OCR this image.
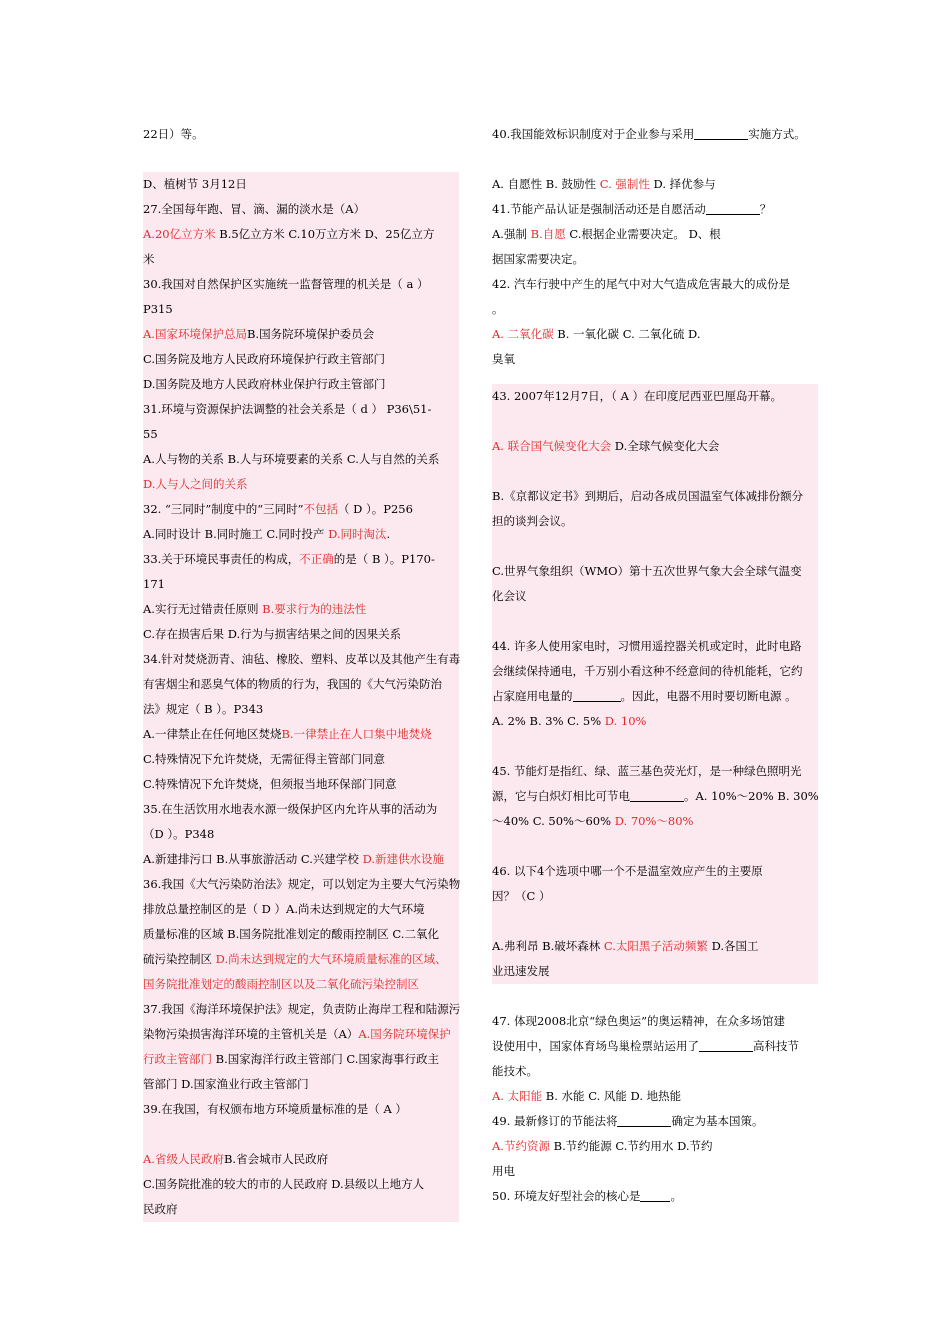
22日）等。
D、植树节 3月12日
27.全国每年跑、冒、滴、漏的淡水是（A）
A.20亿立方米 B.5亿立方米 C.10万立方米 D、25亿立方
米
30.我国对自然保护区实施统一监督管理的机关是（ a ）
P315
A.国家环境保护总局B.国务院环境保护委员会
C.国务院及地方人民政府环境保护行政主管部门
D.国务院及地方人民政府林业保护行政主管部门
31.环境与资源保护法调整的社会关系是（ d ） P36\51-
55
A.人与物的关系 B.人与环境要素的关系 C.人与自然的关系
D.人与人之间的关系
32. “三同时”制度中的“三同时”不包括（ D ）。P256
A.同时设计 B.同时施工 C.同时投产 D.同时淘汰.
33.关于环境民事责任的构成，不正确的是（ B ）。P170-
171
A.实行无过错责任原则 B.要求行为的违法性
C.存在损害后果 D.行为与损害结果之间的因果关系
34.针对焚烧沥青、油毡、橡胶、塑料、皮革以及其他产生有毒
有害烟尘和恶臭气体的物质的行为，我国的《大气污染防治
法》规定（ B ）。P343
A.一律禁止在任何地区焚烧B.一律禁止在人口集中地焚烧
C.特殊情况下允许焚烧，无需征得主管部门同意
C.特殊情况下允许焚烧，但须报当地环保部门同意
35.在生活饮用水地表水源一级保护区内允许从事的活动为
（D ）。P348
A.新建排污口 B.从事旅游活动 C.兴建学校 D.新建供水设施
36.我国《大气污染防治法》规定，可以划定为主要大气污染物
排放总量控制区的是（ D ）A.尚未达到规定的大气环境
质量标准的区域 B.国务院批准划定的酸雨控制区 C.二氧化
硫污染控制区 D.尚未达到规定的大气环境质量标准的区域、
国务院批准划定的酸雨控制区以及二氧化硫污染控制区
37.我国《海洋环境保护法》规定，负责防止海岸工程和陆源污
染物污染损害海洋环境的主管机关是（A）A.国务院环境保护
行政主管部门 B.国家海洋行政主管部门 C.国家海事行政主
管部门 D.国家渔业行政主管部门
39.在我国，有权颁布地方环境质量标准的是（ A ）
A.省级人民政府B.省会城市人民政府
C.国务院批准的较大的市的人民政府 D.县级以上地方人
民政府
40.我国能效标识制度对于企业参与采用	实施方式。
A. 自愿性 B. 鼓励性 C. 强制性 D. 择优参与
41.节能产品认证是强制活动还是自愿活动	？
A.强制 B.自愿 C.根据企业需要决定。 D、根
据国家需要决定。
42. 汽车行驶中产生的尾气中对大气造成危害最大的成份是
。
A. 二氧化碳 B. 一氧化碳 C. 二氧化硫 D.
臭氧
43. 2007年12月7日，（ A ）在印度尼西亚巴厘岛开幕。
A. 联合国气候变化大会 D.全球气候变化大会
B.《京都议定书》到期后，启动各成员国温室气体减排份额分
担的谈判会议。
C.世界气象组织（WMO）第十五次世界气象大会全球气温变
化会议
44. 许多人使用家电时，习惯用遥控器关机或定时，此时电路
会继续保持通电，千万别小看这种不经意间的待机能耗，它约
占家庭用电量的	。因此，电器不用时要切断电源 。
A. 2% B. 3% C. 5% D. 10%
45. 节能灯是指红、绿、蓝三基色荧光灯，是一种绿色照明光
源，它与白炽灯相比可节电	。A. 10%～20% B. 30%
～40% C. 50%～60% D. 70%～80%
46. 以下4个选项中哪一个不是温室效应产生的主要原
因？（C ）
A.弗利昂 B.破坏森林 C.太阳黑子活动频繁 D.各国工
业迅速发展
47. 体现2008北京“绿色奥运”的奥运精神，在众多场馆建
设使用中，国家体育场鸟巢检票站运用了	高科技节
能技术。
A. 太阳能 B. 水能 C. 风能 D. 地热能
49. 最新修订的节能法将	确定为基本国策。
A.节约资源 B.节约能源 C.节约用水 D.节约
用电
50. 环境友好型社会的核心是	。
